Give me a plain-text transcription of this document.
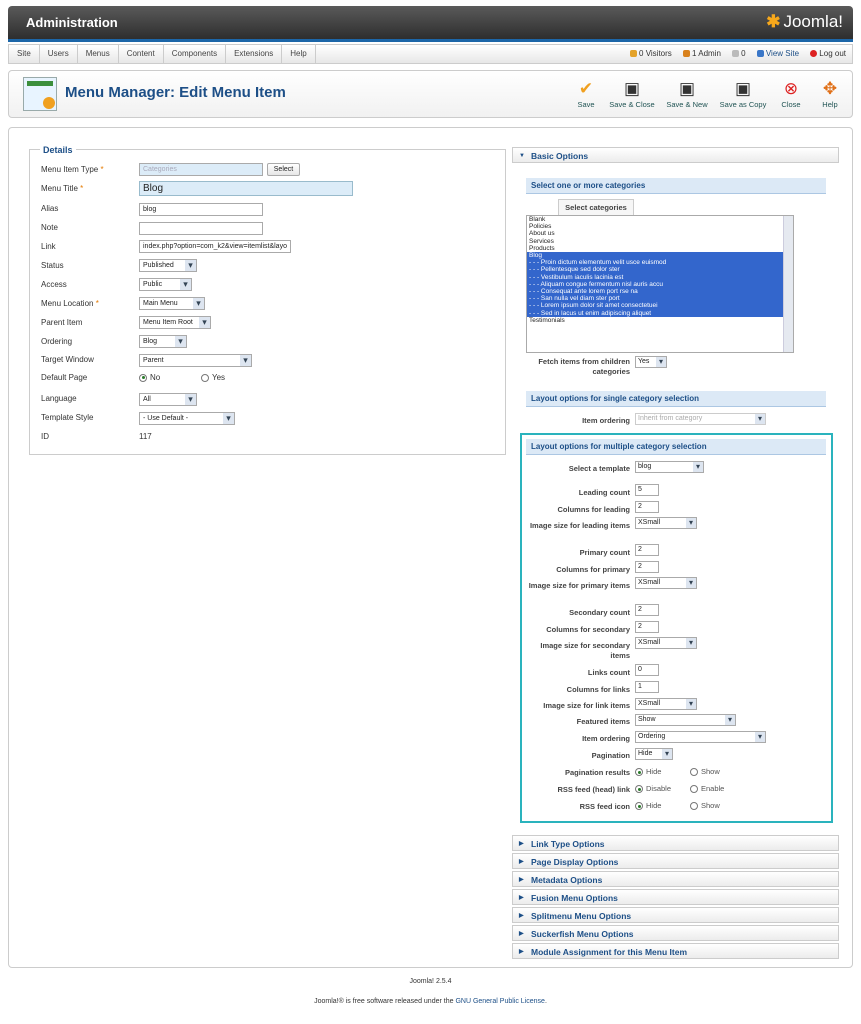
Administration	✱ Joomla!
Site	Users	Menus	Content	Components	Extensions	Help	0 Visitors	1 Admin	0	View Site	Log out
Menu Manager: Edit Menu Item	✔
Save
▣
Save & Close
▣
Save & New
▣
Save as Copy
⊗
Close
✥
Help
Details
Menu Item Type *	Categories	Select
Menu Title *	Blog
Alias	blog
Note
Link	index.php?option=com_k2&view=itemlist&layo
Status	Published ▾
Access	Public ▾
Menu Location *	Main Menu ▾
Parent Item	Menu Item Root ▾
Ordering	Blog ▾
Target Window	Parent ▾
Default Page	No	Yes
Language	All ▾
Template Style	- Use Default - ▾
ID	117
▼ Basic Options
Select one or more categories
Select categories
Blank
Policies
About us
Services
Products
Blog
- - - Proin dictum elementum velit usce euismod
- - - Pellentesque sed dolor ster
- - - Vestibulum iaculis lacinia est
- - - Aliquam congue fermentum nisl auris accu
- - - Consequat ante lorem port rse na
- - - San nulla vel diam ster port
- - - Lorem ipsum dolor sit amet consectetuei
- - - Sed in lacus ut enim adipiscing aliquet
Testimonials
Fetch items from children categories
Yes ▾
Layout options for single category selection
Item ordering	Inherit from category ▾
Layout options for multiple category selection
Select a template	blog ▾
Leading count	5
Columns for leading	2
Image size for leading items	XSmall ▾
Primary count	2
Columns for primary	2
Image size for primary items	XSmall ▾
Secondary count	2
Columns for secondary	2
Image size for secondary items
XSmall ▾
Links count	0
Columns for links	1
Image size for link items	XSmall ▾
Featured items	Show ▾
Item ordering	Ordering ▾
Pagination	Hide ▾
Pagination results	Hide	Show
RSS feed (head) link	Disable	Enable
RSS feed icon	Hide	Show
▶ Link Type Options
▶ Page Display Options
▶ Metadata Options
▶ Fusion Menu Options
▶ Splitmenu Menu Options
▶ Suckerfish Menu Options
▶ Module Assignment for this Menu Item
Joomla! 2.5.4
Joomla!® is free software released under the GNU General Public License.
